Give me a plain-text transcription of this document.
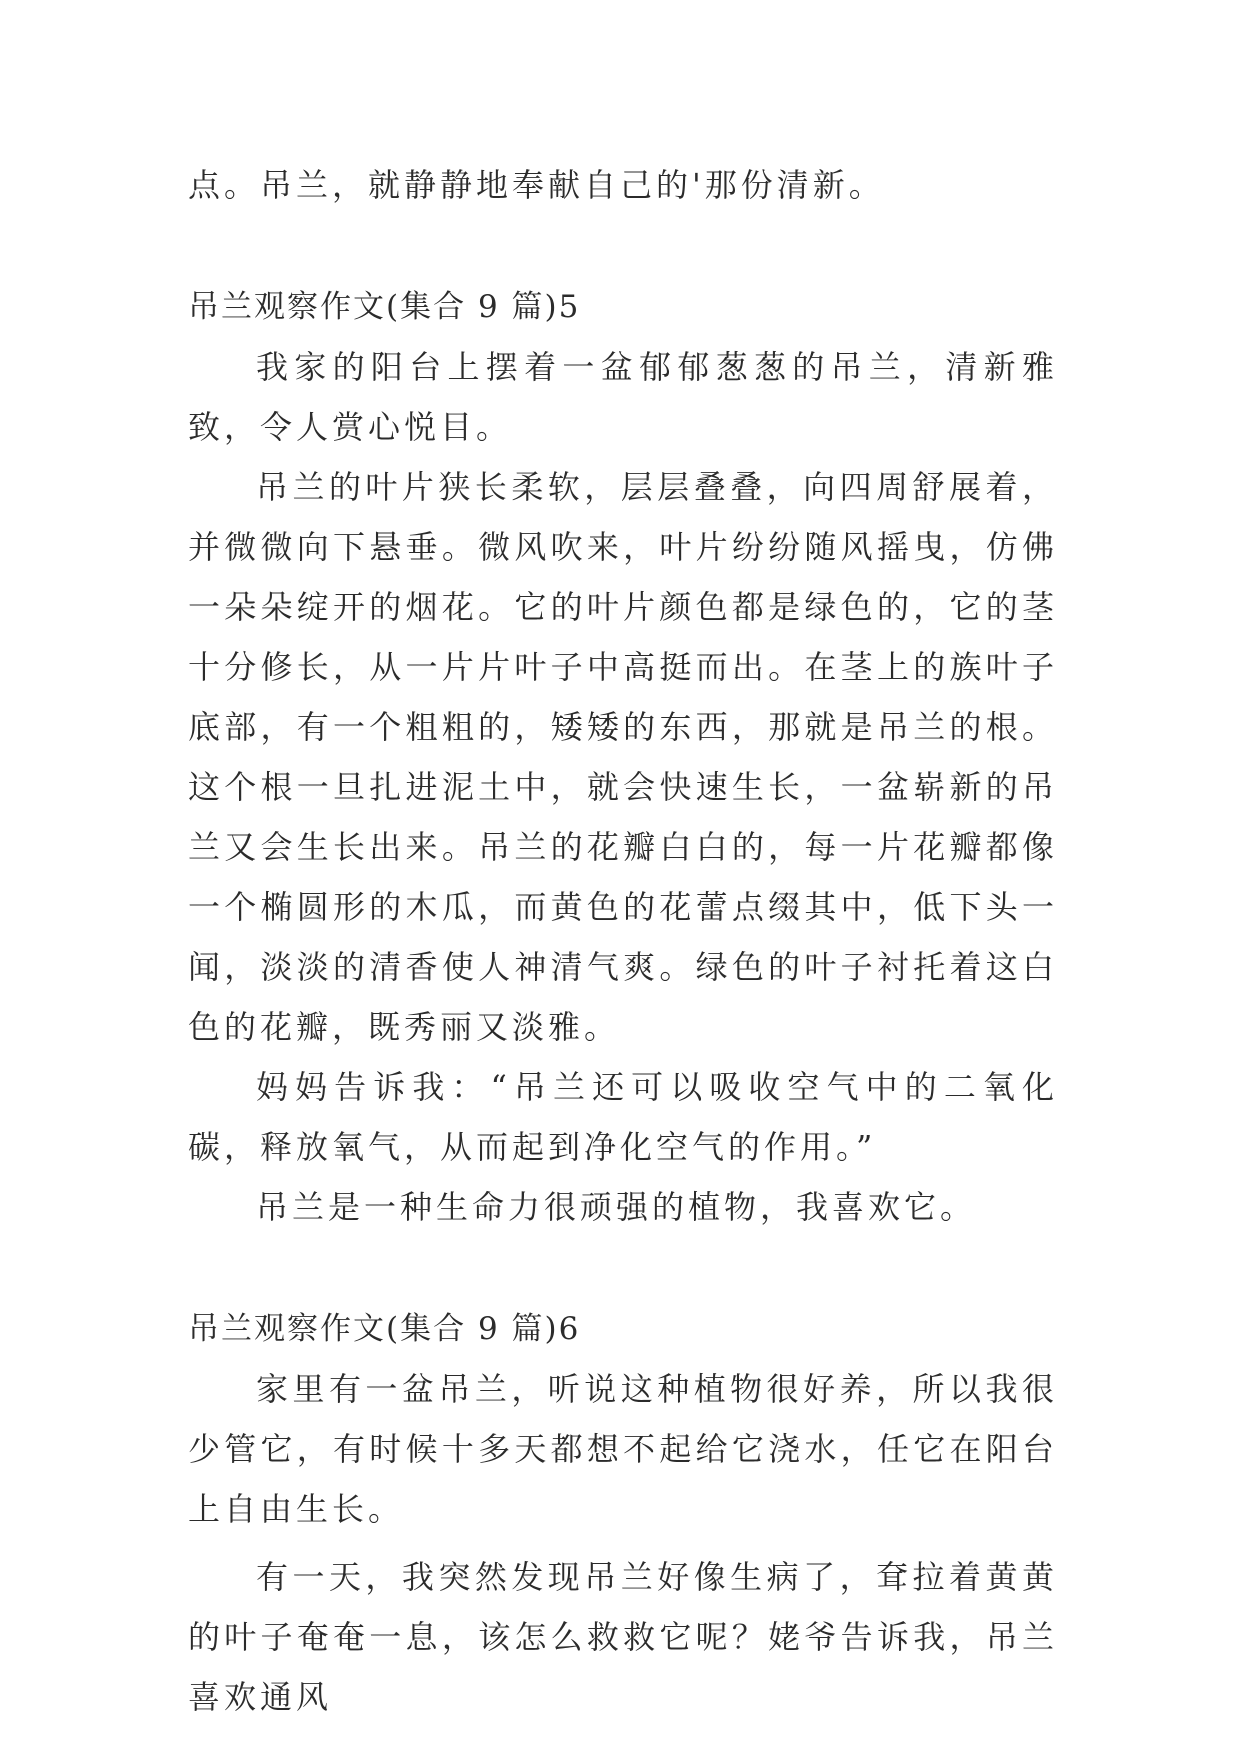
点。吊兰，就静静地奉献自己的'那份清新。

吊兰观察作文(集合 9 篇)5

我家的阳台上摆着一盆郁郁葱葱的吊兰，清新雅致，令人赏心悦目。

吊兰的叶片狭长柔软，层层叠叠，向四周舒展着，并微微向下悬垂。微风吹来，叶片纷纷随风摇曳，仿佛一朵朵绽开的烟花。它的叶片颜色都是绿色的，它的茎十分修长，从一片片叶子中高挺而出。在茎上的族叶子底部，有一个粗粗的，矮矮的东西，那就是吊兰的根。这个根一旦扎进泥土中，就会快速生长，一盆崭新的吊兰又会生长出来。吊兰的花瓣白白的，每一片花瓣都像一个椭圆形的木瓜，而黄色的花蕾点缀其中，低下头一闻，淡淡的清香使人神清气爽。绿色的叶子衬托着这白色的花瓣，既秀丽又淡雅。

妈妈告诉我：“吊兰还可以吸收空气中的二氧化碳，释放氧气，从而起到净化空气的作用。”

吊兰是一种生命力很顽强的植物，我喜欢它。

吊兰观察作文(集合 9 篇)6

家里有一盆吊兰，听说这种植物很好养，所以我很少管它，有时候十多天都想不起给它浇水，任它在阳台上自由生长。

有一天，我突然发现吊兰好像生病了，耷拉着黄黄的叶子奄奄一息，该怎么救救它呢？姥爷告诉我，吊兰喜欢通风
